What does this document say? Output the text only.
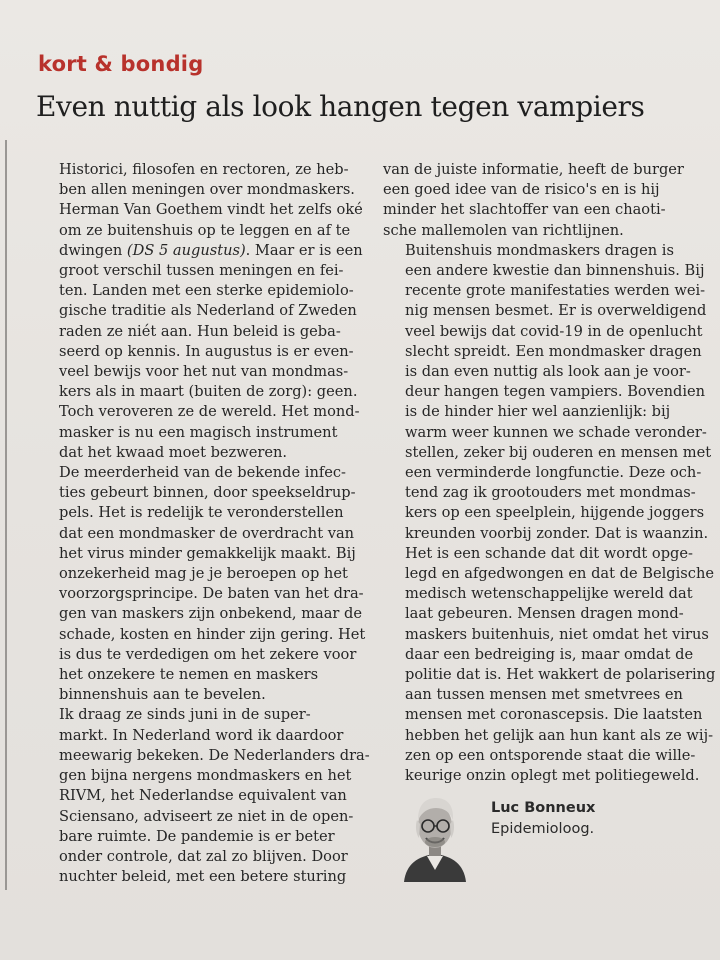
kort & bondig
Even nuttig als look hangen tegen vampiers

Historici, filosofen en rectoren, ze heb-
ben allen meningen over mondmaskers.
Herman Van Goethem vindt het zelfs oké
om ze buitenshuis op te leggen en af te
dwingen (DS 5 augustus). Maar er is een
groot verschil tussen meningen en fei-
ten. Landen met een sterke epidemiolo-
gische traditie als Nederland of Zweden
raden ze niét aan. Hun beleid is geba-
seerd op kennis. In augustus is er even-
veel bewijs voor het nut van mondmas-
kers als in maart (buiten de zorg): geen.
Toch veroveren ze de wereld. Het mond-
masker is nu een magisch instrument
dat het kwaad moet bezweren.

De meerderheid van de bekende infec-
ties gebeurt binnen, door speekseldrup-
pels. Het is redelijk te veronderstellen
dat een mondmasker de overdracht van
het virus minder gemakkelijk maakt. Bij
onzekerheid mag je je beroepen op het
voorzorgsprincipe. De baten van het dra-
gen van maskers zijn onbekend, maar de
schade, kosten en hinder zijn gering. Het
is dus te verdedigen om het zekere voor
het onzekere te nemen en maskers
binnenshuis aan te bevelen.

Ik draag ze sinds juni in de super-
markt. In Nederland word ik daardoor
meewarig bekeken. De Nederlanders dra-
gen bijna nergens mondmaskers en het
RIVM, het Nederlandse equivalent van
Sciensano, adviseert ze niet in de open-
bare ruimte. De pandemie is er beter
onder controle, dat zal zo blijven. Door
nuchter beleid, met een betere sturing

van de juiste informatie, heeft de burger
een goed idee van de risico's en is hij
minder het slachtoffer van een chaoti-
sche mallemolen van richtlijnen.

Buitenshuis mondmaskers dragen is
een andere kwestie dan binnenshuis. Bij
recente grote manifestaties werden wei-
nig mensen besmet. Er is overweldigend
veel bewijs dat covid-19 in de openlucht
slecht spreidt. Een mondmasker dragen
is dan even nuttig als look aan je voor-
deur hangen tegen vampiers. Bovendien
is de hinder hier wel aanzienlijk: bij
warm weer kunnen we schade veronder-
stellen, zeker bij ouderen en mensen met
een verminderde longfunctie. Deze och-
tend zag ik grootouders met mondmas-
kers op een speelplein, hijgende joggers
kreunden voorbij zonder. Dat is waanzin.

Het is een schande dat dit wordt opge-
legd en afgedwongen en dat de Belgische
medisch wetenschappelijke wereld dat
laat gebeuren. Mensen dragen mond-
maskers buitenhuis, niet omdat het virus
daar een bedreiging is, maar omdat de
politie dat is. Het wakkert de polarisering
aan tussen mensen met smetvrees en
mensen met coronascepsis. Die laatsten
hebben het gelijk aan hun kant als ze wij-
zen op een ontsporende staat die wille-
keurige onzin oplegt met politiegeweld.

Luc Bonneux
Epidemioloog.
